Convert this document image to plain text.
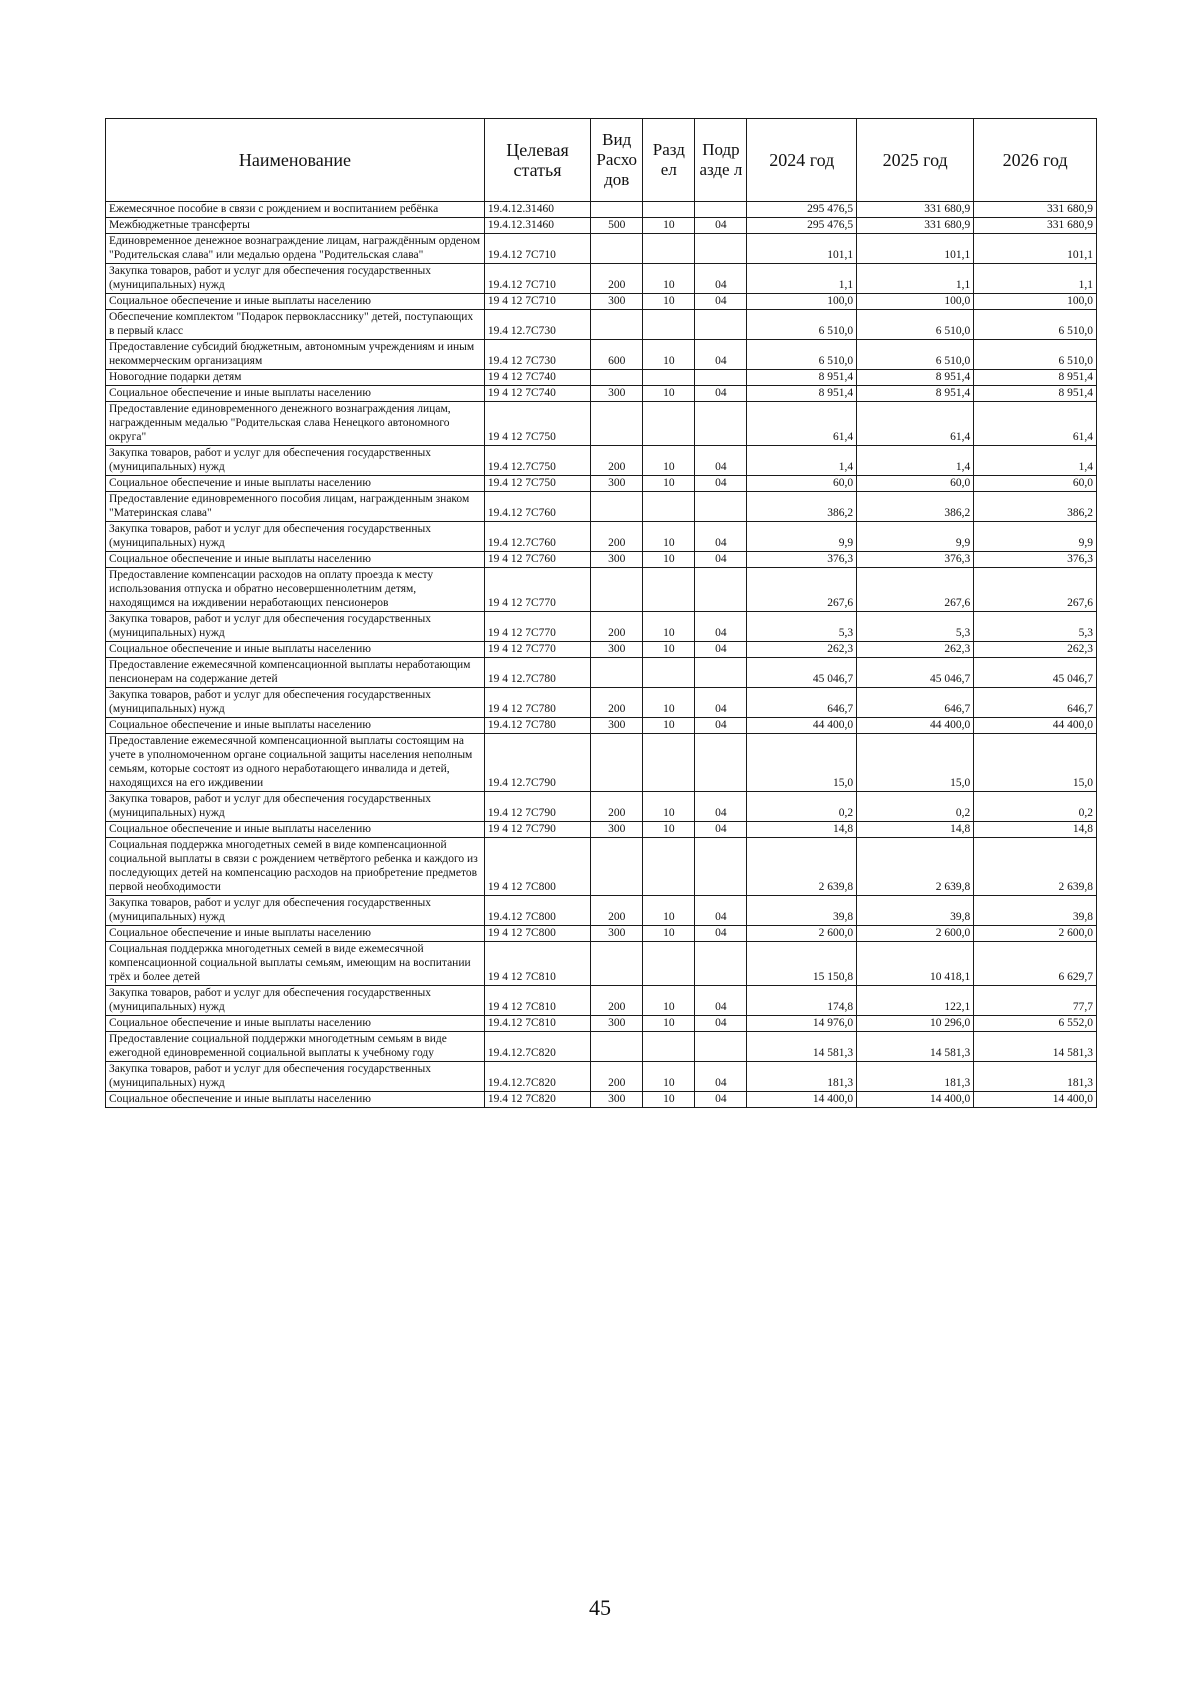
Наименование	Целевая статья	Вид Расхо дов	Разд ел	Подр азде л	2024 год	2025 год	2026 год
Ежемесячное пособие в связи с рождением и воспитанием ребёнка	19.4.12.31460				295 476,5	331 680,9	331 680,9
Межбюджетные трансферты	19.4.12.31460	500	10	04	295 476,5	331 680,9	331 680,9
Единовременное денежное вознаграждение лицам, награждённым орденом "Родительская слава" или медалью ордена "Родительская слава"	19.4.12 7С710				101,1	101,1	101,1
Закупка товаров, работ и услуг для обеспечения государственных (муниципальных) нужд	19.4.12 7С710	200	10	04	1,1	1,1	1,1
Социальное обеспечение и иные выплаты населению	19 4 12 7С710	300	10	04	100,0	100,0	100,0
Обеспечение комплектом "Подарок первокласснику" детей, поступающих в первый класс	19.4 12.7С730				6 510,0	6 510,0	6 510,0
Предоставление субсидий бюджетным, автономным учреждениям и иным некоммерческим организациям	19.4 12 7С730	600	10	04	6 510,0	6 510,0	6 510,0
Новогодние подарки детям	19 4 12 7С740				8 951,4	8 951,4	8 951,4
Социальное обеспечение и иные выплаты населению	19 4 12 7С740	300	10	04	8 951,4	8 951,4	8 951,4
Предоставление единовременного денежного вознаграждения лицам, награжденным медалью "Родительская слава Ненецкого автономного округа"	19 4 12 7С750				61,4	61,4	61,4
Закупка товаров, работ и услуг для обеспечения государственных (муниципальных) нужд	19.4 12.7С750	200	10	04	1,4	1,4	1,4
Социальное обеспечение и иные выплаты населению	19.4 12 7С750	300	10	04	60,0	60,0	60,0
Предоставление единовременного пособия лицам, награжденным знаком "Материнская слава"	19.4.12 7С760				386,2	386,2	386,2
Закупка товаров, работ и услуг для обеспечения государственных (муниципальных) нужд	19.4 12.7С760	200	10	04	9,9	9,9	9,9
Социальное обеспечение и иные выплаты населению	19 4 12 7С760	300	10	04	376,3	376,3	376,3
Предоставление компенсации расходов на оплату проезда к месту использования отпуска и обратно несовершеннолетним детям, находящимся на иждивении неработающих пенсионеров	19 4 12 7С770				267,6	267,6	267,6
Закупка товаров, работ и услуг для обеспечения государственных (муниципальных) нужд	19 4 12 7С770	200	10	04	5,3	5,3	5,3
Социальное обеспечение и иные выплаты населению	19 4 12 7С770	300	10	04	262,3	262,3	262,3
Предоставление ежемесячной компенсационной выплаты неработающим пенсионерам на содержание детей	19 4 12.7С780				45 046,7	45 046,7	45 046,7
Закупка товаров, работ и услуг для обеспечения государственных (муниципальных) нужд	19 4 12 7С780	200	10	04	646,7	646,7	646,7
Социальное обеспечение и иные выплаты населению	19.4.12 7С780	300	10	04	44 400,0	44 400,0	44 400,0
Предоставление ежемесячной компенсационной выплаты состоящим на учете в уполномоченном органе социальной защиты населения неполным семьям, которые состоят из одного неработающего инвалида и детей, находящихся на его иждивении	19.4 12.7С790				15,0	15,0	15,0
Закупка товаров, работ и услуг для обеспечения государственных (муниципальных) нужд	19.4 12 7С790	200	10	04	0,2	0,2	0,2
Социальное обеспечение и иные выплаты населению	19 4 12 7С790	300	10	04	14,8	14,8	14,8
Социальная поддержка многодетных семей в виде компенсационной социальной выплаты в связи с рождением четвёртого ребенка и каждого из последующих детей на компенсацию расходов на приобретение предметов первой необходимости	19 4 12 7С800				2 639,8	2 639,8	2 639,8
Закупка товаров, работ и услуг для обеспечения государственных (муниципальных) нужд	19.4.12 7С800	200	10	04	39,8	39,8	39,8
Социальное обеспечение и иные выплаты населению	19 4 12 7С800	300	10	04	2 600,0	2 600,0	2 600,0
Социальная поддержка многодетных семей в виде ежемесячной компенсационной социальной выплаты семьям, имеющим на воспитании трёх и более детей	19 4 12 7С810				15 150,8	10 418,1	6 629,7
Закупка товаров, работ и услуг для обеспечения государственных (муниципальных) нужд	19 4 12 7С810	200	10	04	174,8	122,1	77,7
Социальное обеспечение и иные выплаты населению	19.4.12 7С810	300	10	04	14 976,0	10 296,0	6 552,0
Предоставление социальной поддержки многодетным семьям в виде ежегодной единовременной социальной выплаты к учебному году	19.4.12.7С820				14 581,3	14 581,3	14 581,3
Закупка товаров, работ и услуг для обеспечения государственных (муниципальных) нужд	19.4.12.7С820	200	10	04	181,3	181,3	181,3
Социальное обеспечение и иные выплаты населению	19.4 12 7С820	300	10	04	14 400,0	14 400,0	14 400,0
45
